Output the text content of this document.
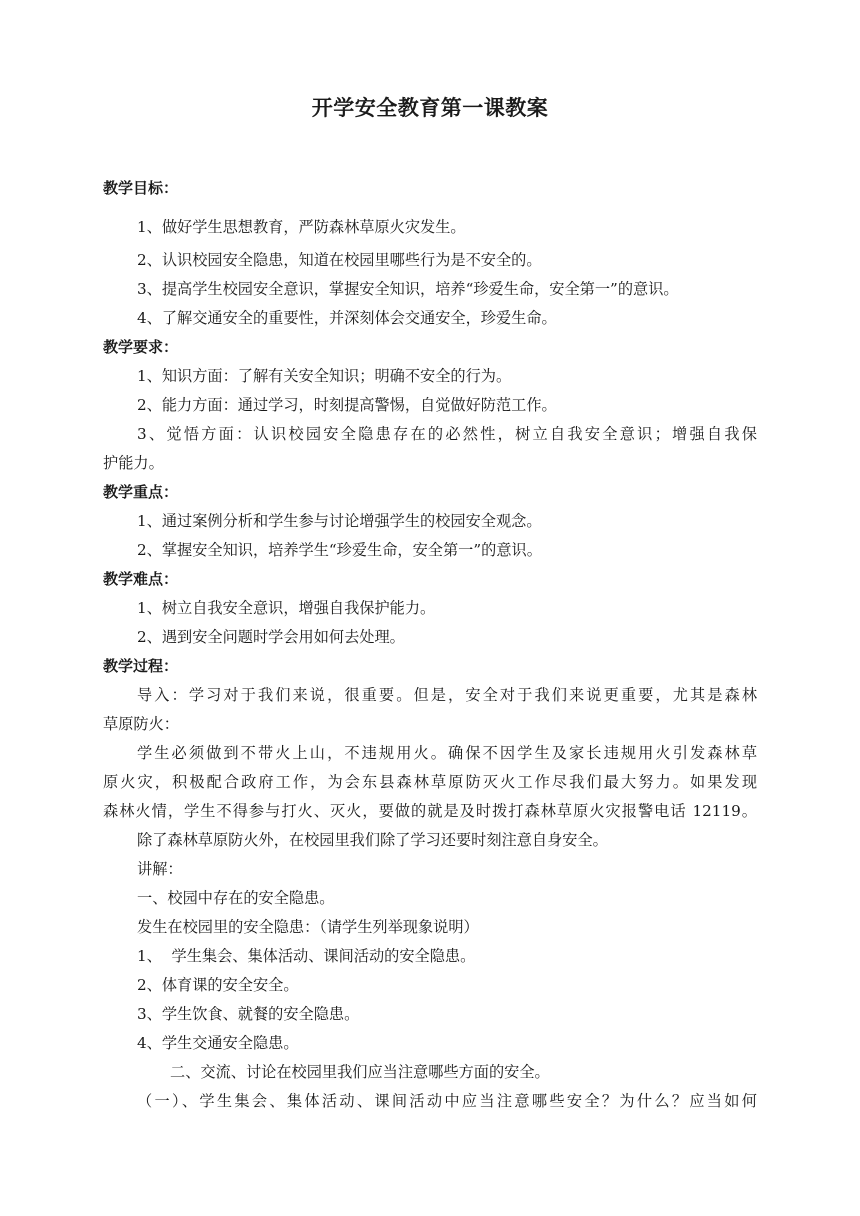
开学安全教育第一课教案
教学目标：
1、做好学生思想教育，严防森林草原火灾发生。
2、认识校园安全隐患，知道在校园里哪些行为是不安全的。
3、提高学生校园安全意识，掌握安全知识，培养“珍爱生命，安全第一”的意识。
4、了解交通安全的重要性，并深刻体会交通安全，珍爱生命。
教学要求：
1、知识方面：了解有关安全知识；明确不安全的行为。
2、能力方面：通过学习，时刻提高警惕，自觉做好防范工作。
3、觉悟方面：认识校园安全隐患存在的必然性，树立自我安全意识；增强自我保
护能力。
教学重点：
1、通过案例分析和学生参与讨论增强学生的校园安全观念。
2、掌握安全知识，培养学生“珍爱生命，安全第一”的意识。
教学难点：
1、树立自我安全意识，增强自我保护能力。
2、遇到安全问题时学会用如何去处理。
教学过程：
导入：学习对于我们来说，很重要。但是，安全对于我们来说更重要，尤其是森林
草原防火：
学生必须做到不带火上山，不违规用火。确保不因学生及家长违规用火引发森林草
原火灾，积极配合政府工作，为会东县森林草原防灭火工作尽我们最大努力。如果发现
森林火情，学生不得参与打火、灭火，要做的就是及时拨打森林草原火灾报警电话 12119。
除了森林草原防火外，在校园里我们除了学习还要时刻注意自身安全。
讲解：
一、校园中存在的安全隐患。
发生在校园里的安全隐患：（请学生列举现象说明）
1、  学生集会、集体活动、课间活动的安全隐患。
2、体育课的安全安全。
3、学生饮食、就餐的安全隐患。
4、学生交通安全隐患。
二、交流、讨论在校园里我们应当注意哪些方面的安全。
（一）、学生集会、集体活动、课间活动中应当注意哪些安全？为什么？应当如何
